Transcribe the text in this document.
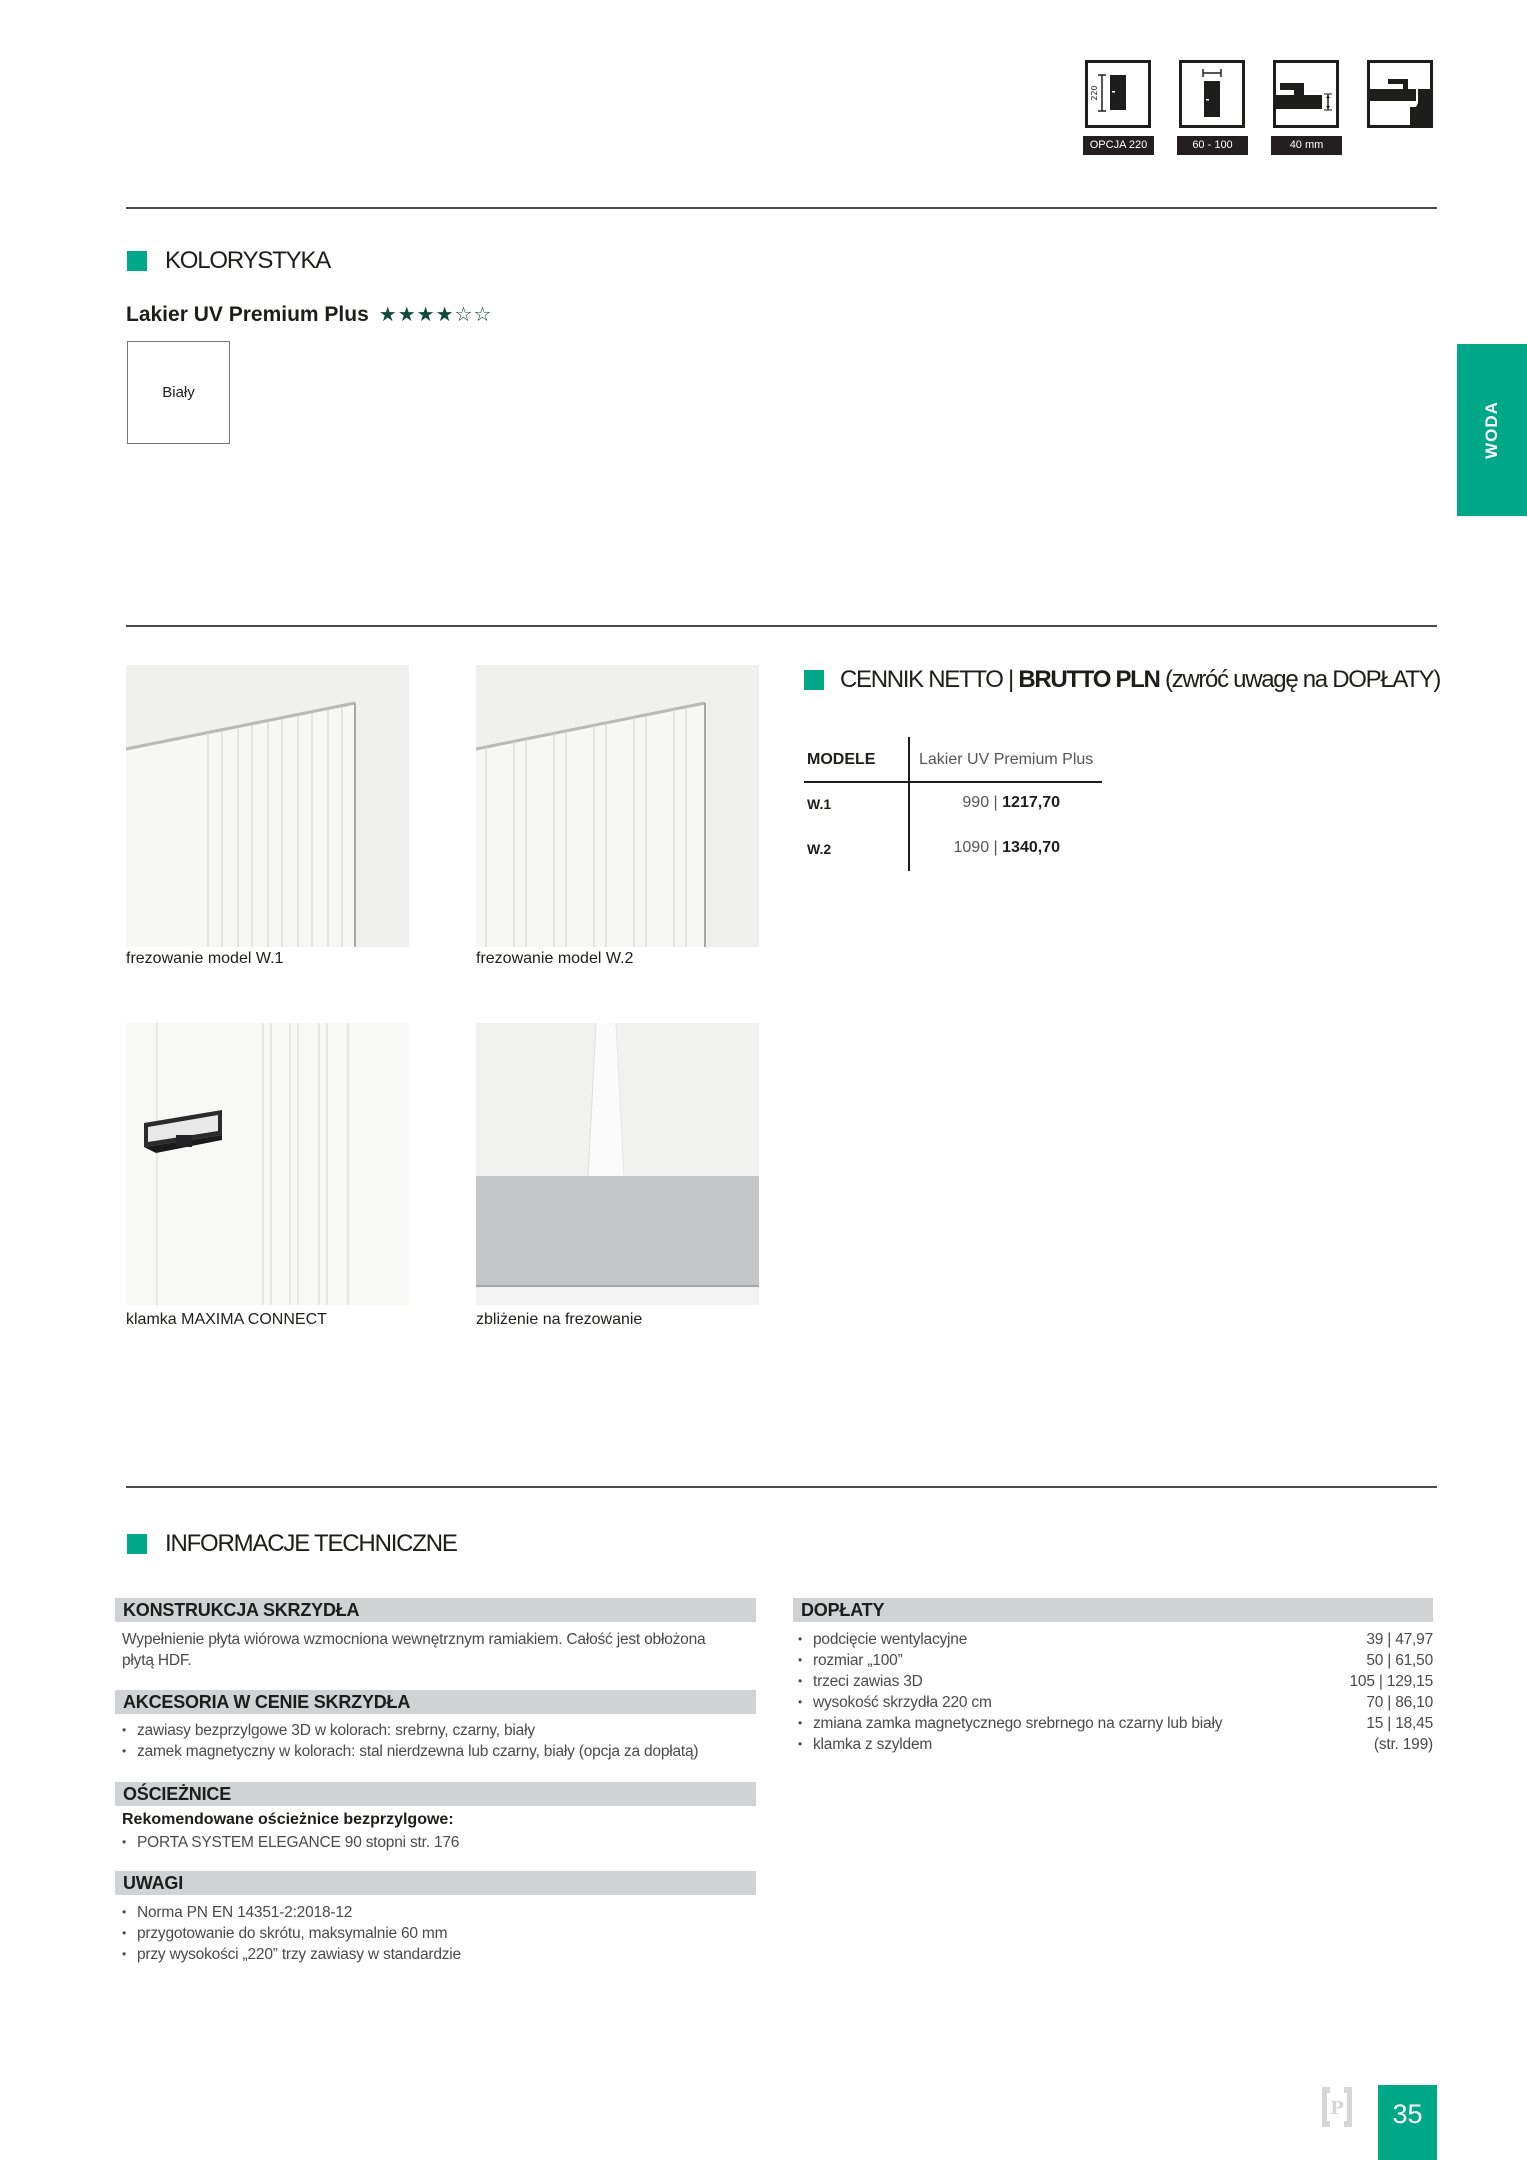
220
OPCJA 220	60 - 100	40 mm
KOLORYSTYKA
Lakier UV Premium Plus ★ ★ ★ ★ ☆ ☆
Biały
WODA
frezowanie model W.1	frezowanie model W.2
klamka MAXIMA CONNECT	zbliżenie na frezowanie
CENNIK NETTO | BRUTTO PLN (zwróć uwagę na DOPŁATY)
MODELE	Lakier UV Premium Plus
W.1	990 | 1217,70
W.2	1090 | 1340,70
INFORMACJE TECHNICZNE
KONSTRUKCJA SKRZYDŁA
Wypełnienie płyta wiórowa wzmocniona wewnętrznym ramiakiem. Całość jest obłożona płytą HDF.
AKCESORIA W CENIE SKRZYDŁA
• zawiasy bezprzylgowe 3D w kolorach: srebrny, czarny, biały
• zamek magnetyczny w kolorach: stal nierdzewna lub czarny, biały (opcja za dopłatą)
OŚCIEŻNICE
Rekomendowane ościeżnice bezprzylgowe:
• PORTA SYSTEM ELEGANCE 90 stopni str. 176
UWAGI
• Norma PN EN 14351-2:2018-12
• przygotowanie do skrótu, maksymalnie 60 mm
• przy wysokości „220” trzy zawiasy w standardzie
DOPŁATY
• podcięcie wentylacyjne	39 | 47,97
• rozmiar „100”	50 | 61,50
• trzeci zawias 3D	105 | 129,15
• wysokość skrzydła 220 cm	70 | 86,10
• zmiana zamka magnetycznego srebrnego na czarny lub biały	15 | 18,45
• klamka z szyldem	(str. 199)
P	35
